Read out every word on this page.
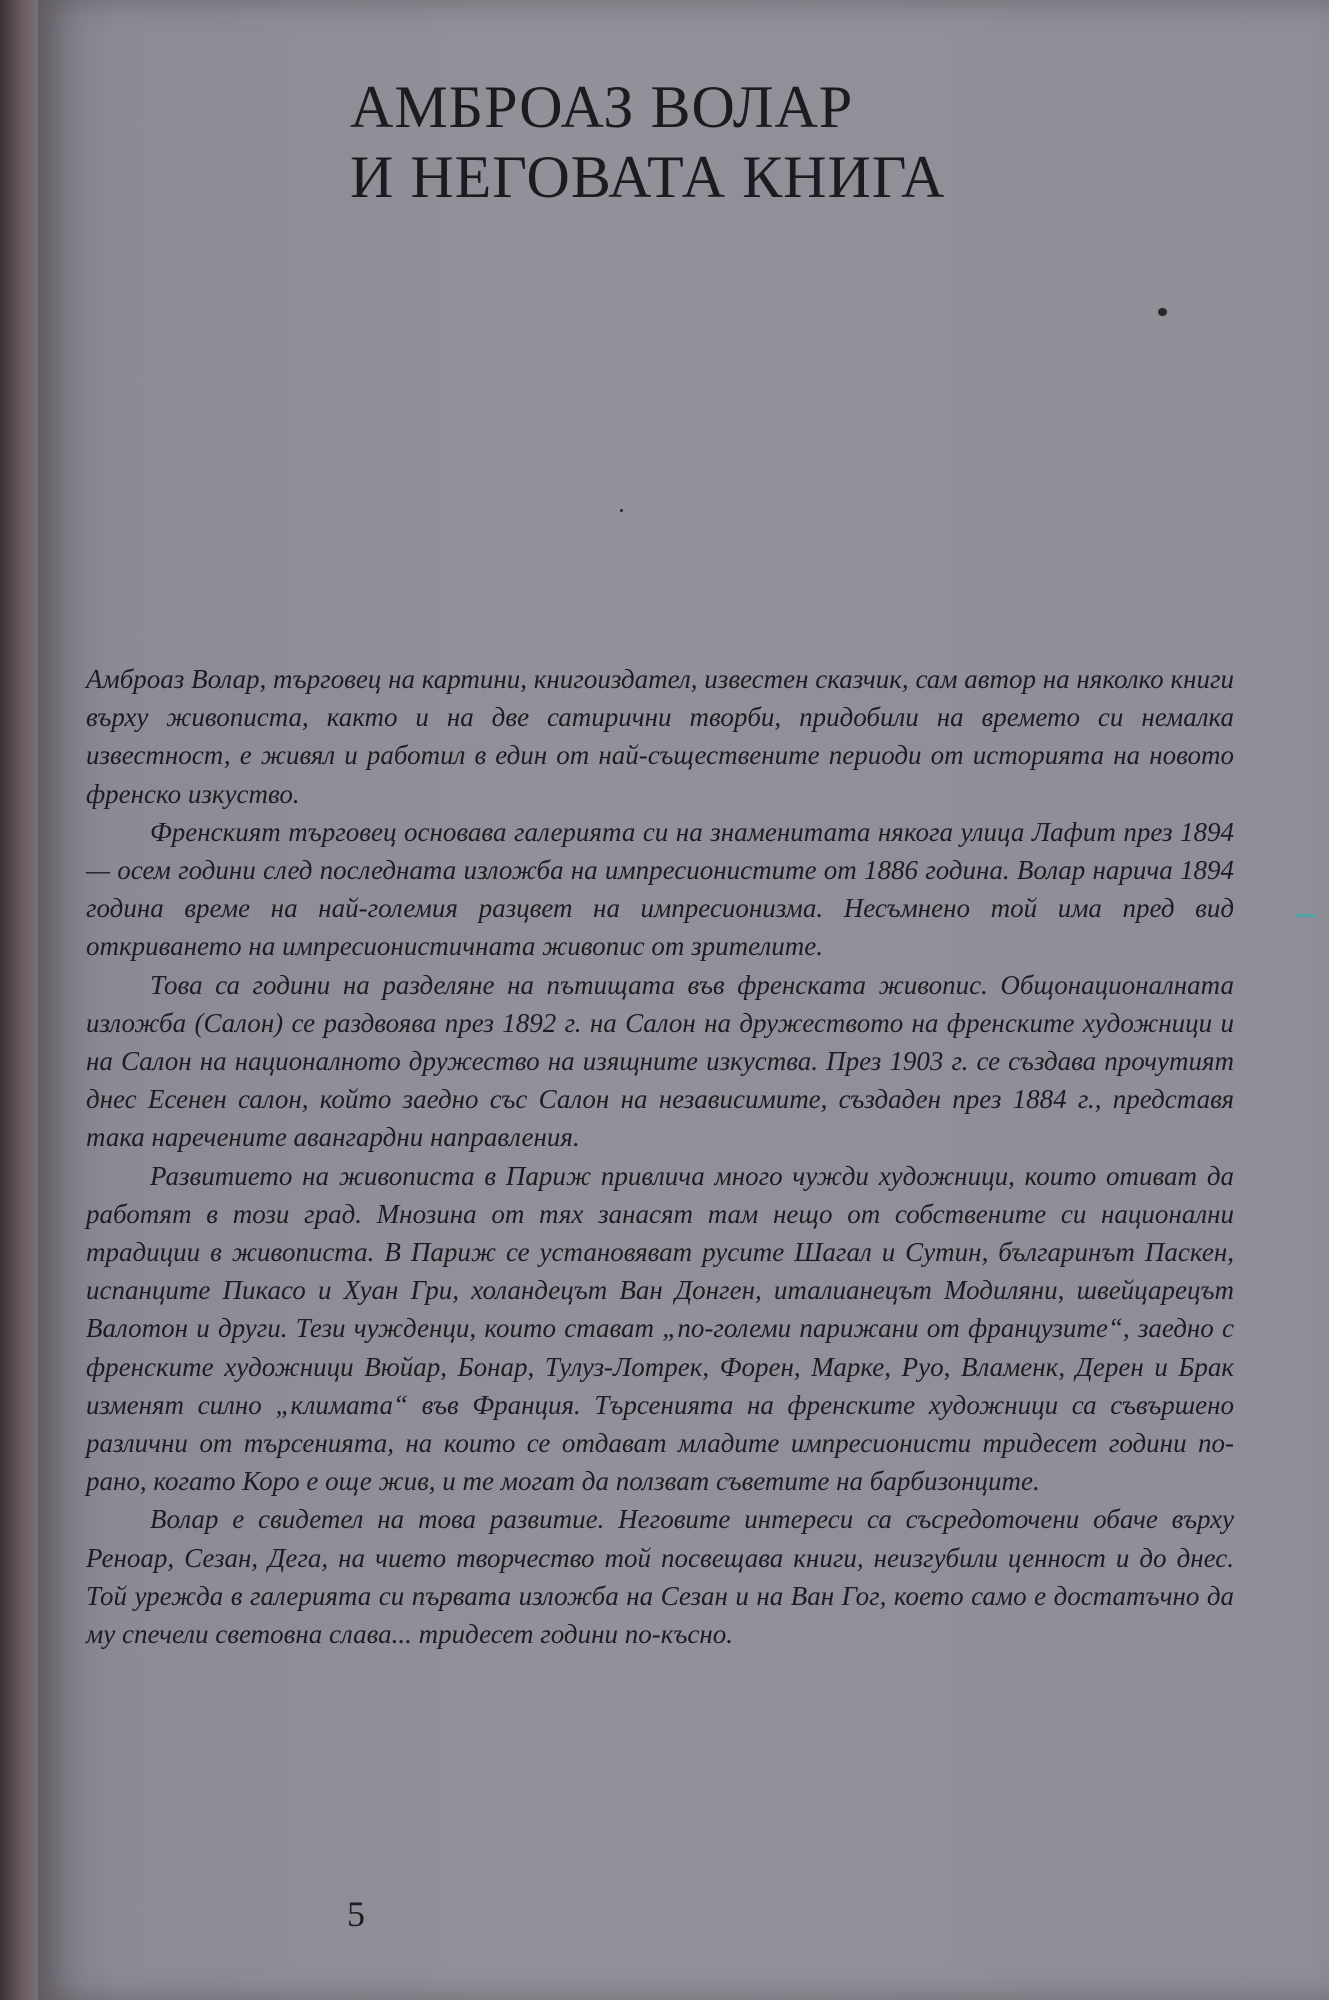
АМБРОАЗ ВОЛАР
И НЕГОВАТА КНИГА

Амброаз Волар, търговец на картини, книгоиздател, известен сказчик, сам автор на няколко книги върху живописта, както и на две сатирични творби, придобили на времето си немалка известност, е живял и работил в един от най-съществените периоди от историята на новото френско изкуство.

Френският търговец основава галерията си на знаменитата някога улица Лафит през 1894 — осем години след последната изложба на импресионистите от 1886 година. Волар нарича 1894 година време на най-големия разцвет на импресионизма. Несъмнено той има пред вид откриването на импресионистичната живопис от зрителите.

Това са години на разделяне на пътищата във френската живопис. Общонационалната изложба (Салон) се раздвоява през 1892 г. на Салон на дружеството на френските художници и на Салон на националното дружество на изящните изкуства. През 1903 г. се създава прочутият днес Есенен салон, който заедно със Салон на независимите, създаден през 1884 г., представя така наречените авангардни направления.

Развитието на живописта в Париж привлича много чужди художници, които отиват да работят в този град. Мнозина от тях занасят там нещо от собствените си национални традиции в живописта. В Париж се установяват русите Шагал и Сутин, българинът Паскен, испанците Пикасо и Хуан Гри, холандецът Ван Донген, италианецът Модиляни, швейцарецът Валотон и други. Тези чужденци, които стават „по-големи парижани от французите“, заедно с френските художници Вюйар, Бонар, Тулуз-Лотрек, Форен, Марке, Руо, Вламенк, Дерен и Брак изменят силно „климата“ във Франция. Търсенията на френските художници са съвършено различни от търсенията, на които се отдават младите импресионисти тридесет години по-рано, когато Коро е още жив, и те могат да ползват съветите на барбизонците.

Волар е свидетел на това развитие. Неговите интереси са съсредоточени обаче върху Реноар, Сезан, Дега, на чието творчество той посвещава книги, неизгубили ценност и до днес. Той урежда в галерията си първата изложба на Сезан и на Ван Гог, което само е достатъчно да му спечели световна слава... тридесет години по-късно.

5
